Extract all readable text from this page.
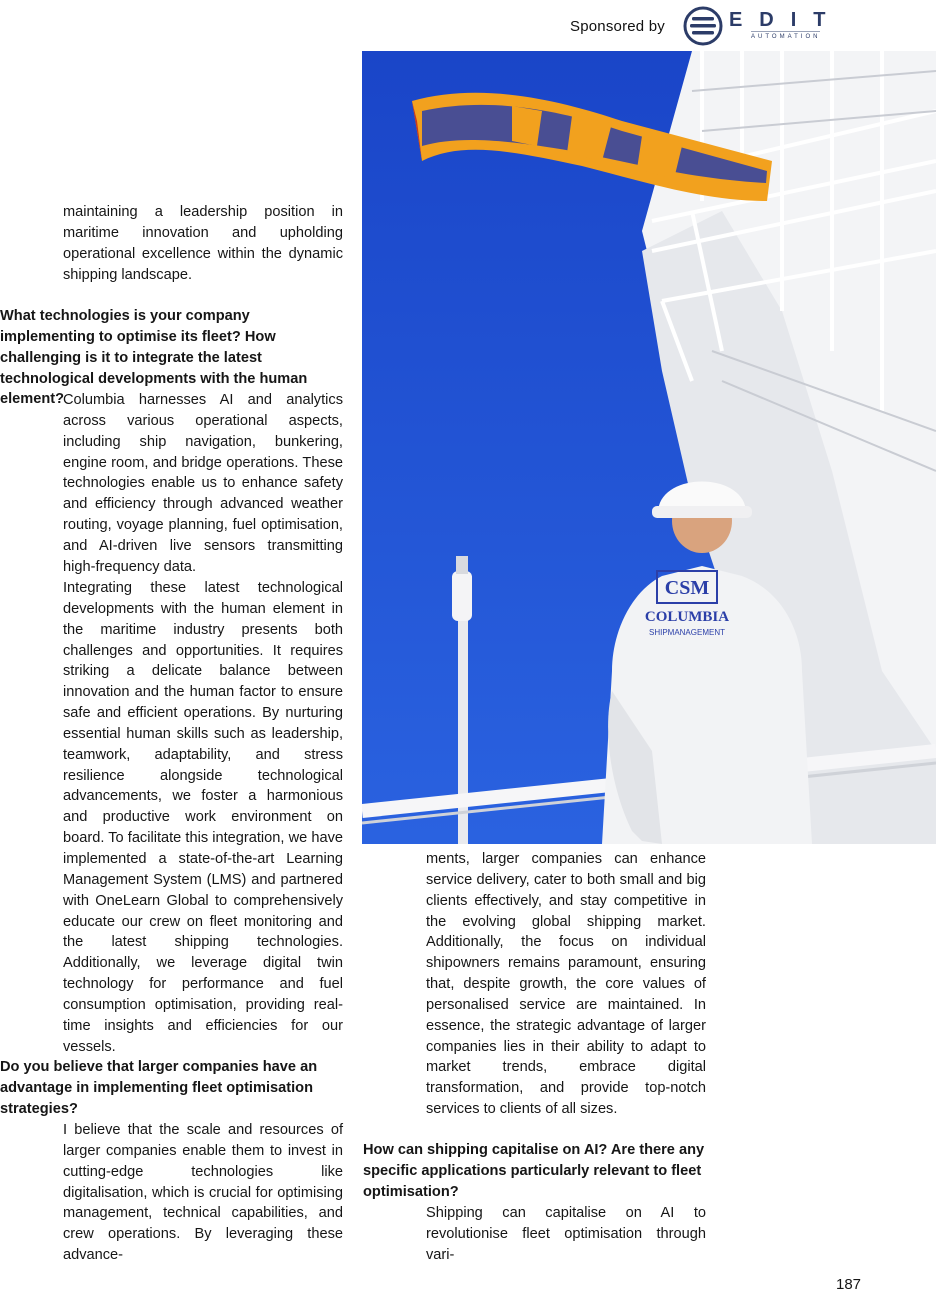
Sponsored by	EDIT
AUTOMATION
CSM
COLUMBIA
SHIPMANAGEMENT

maintaining a leadership position in maritime innovation and upholding operational excellence within the dynamic shipping landscape.

What technologies is your company implementing to optimise its fleet? How challenging is it to integrate the latest technological developments with the human element?

Columbia harnesses AI and analytics across various operational aspects, including ship navigation, bunkering, engine room, and bridge operations. These technologies enable us to enhance safety and efficiency through advanced weather routing, voyage planning, fuel optimisation, and AI-driven live sensors transmitting high-frequency data.

Integrating these latest technological developments with the human element in the maritime industry presents both challenges and opportunities. It requires striking a delicate balance between innovation and the human factor to ensure safe and efficient operations. By nurturing essential human skills such as leadership, teamwork, adaptability, and stress resilience alongside technological advancements, we foster a harmonious and productive work environment on board. To facilitate this integration, we have implemented a state-of-the-art Learning Management System (LMS) and partnered with OneLearn Global to comprehensively educate our crew on fleet monitoring and the latest shipping technologies. Additionally, we leverage digital twin technology for performance and fuel consumption optimisation, providing real-time insights and efficiencies for our vessels.

Do you believe that larger companies have an advantage in implementing fleet optimisation strategies?

I believe that the scale and resources of larger companies enable them to invest in cutting-edge technologies like digitalisation, which is crucial for optimising management, technical capabilities, and crew operations. By leveraging these advance-

ments, larger companies can enhance service delivery, cater to both small and big clients effectively, and stay competitive in the evolving global shipping market. Additionally, the focus on individual shipowners remains paramount, ensuring that, despite growth, the core values of personalised service are maintained. In essence, the strategic advantage of larger companies lies in their ability to adapt to market trends, embrace digital transformation, and provide top-notch services to clients of all sizes.

How can shipping capitalise on AI? Are there any specific applications particularly relevant to fleet optimisation?

Shipping can capitalise on AI to revolutionise fleet optimisation through vari-

187
